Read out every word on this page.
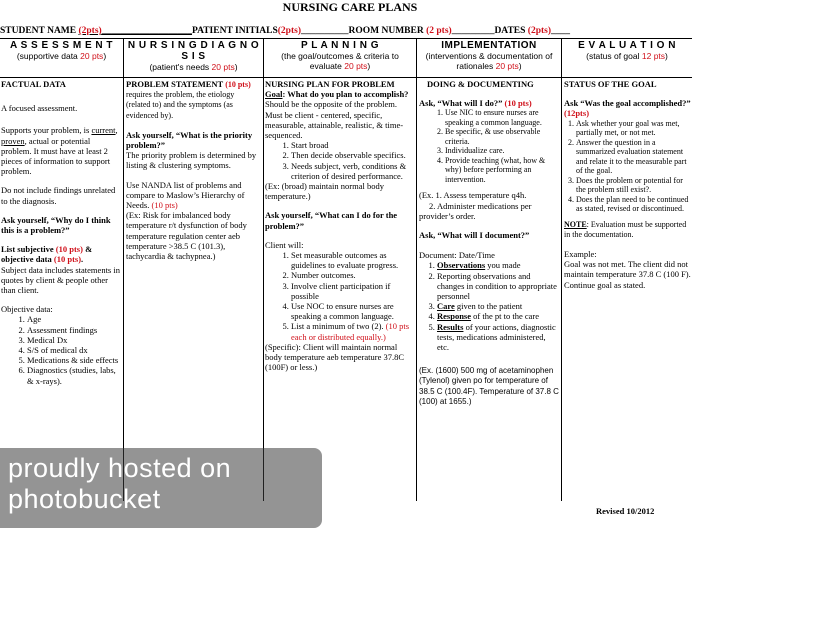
NURSING CARE PLANS
STUDENT NAME (2pts)___________________PATIENT INITIALS(2pts)__________ROOM NUMBER (2 pts)_________DATES (2pts)____
A S S E S S M E N T
(supportive data 20 pts)
N U R S I N G D I A G N O S I S
(patient's needs 20 pts)
P L A N N I N G
(the goal/outcomes & criteria to evaluate 20 pts)
IMPLEMENTATION
(interventions & documentation of rationales 20 pts)
E V A L U A T I O N
(status of goal 12 pts)

FACTUAL DATA

A focused assessment.

Supports your problem, is current, proven, actual or potential problem. It must have at least 2 pieces of information to support problem.

Do not include findings unrelated to the diagnosis.

Ask yourself, “Why do I think this is a problem?”

List subjective (10 pts) & objective data (10 pts).

Subject data includes statements in quotes by client & people other than client.

Objective data:

1. Age
2. Assessment findings
3. Medical Dx
4. S/S of medical dx
5. Medications & side effects
6. Diagnostics (studies, labs, & x-rays).

PROBLEM STATEMENT (10 pts) requires the problem, the etiology (related to) and the symptoms (as evidenced by).

Ask yourself, “What is the priority problem?”

The priority problem is determined by listing & clustering symptoms.

Use NANDA list of problems and compare to Maslow’s Hierarchy of Needs. (10 pts)

(Ex: Risk for imbalanced body temperature r/t dysfunction of body temperature regulation center aeb temperature >38.5 C (101.3), tachycardia & tachypnea.)

NURSING PLAN FOR PROBLEM

Goal: What do you plan to accomplish? Should be the opposite of the problem. Must be client - centered, specific, measurable, attainable, realistic, & time-sequenced.

1. Start broad
2. Then decide observable specifics.
3. Needs subject, verb, conditions & criterion of desired performance.

(Ex: (broad) maintain normal body temperature.)

Ask yourself, “What can I do for the problem?”

Client will:

1. Set measurable outcomes as guidelines to evaluate progress.
2. Number outcomes.
3. Involve client participation if possible
4. Use NOC to ensure nurses are speaking a common language.
5. List a minimum of two (2). (10 pts each or distributed equally.)

(Specific): Client will maintain normal body temperature aeb temperature 37.8C (100F) or less.)

DOING & DOCUMENTING

Ask, “What will I do?” (10 pts)

1. Use NIC to ensure nurses are speaking a common language.
2. Be specific, & use observable criteria.
3. Individualize care.
4. Provide teaching (what, how & why) before performing an intervention.

(Ex. 1. Assess temperature q4h.

2. Administer medications per provider’s order.

Ask, “What will I document?”

Document: Date/Time

1. Observations you made
2. Reporting observations and changes in condition to appropriate personnel
3. Care given to the patient
4. Response of the pt to the care
5. Results of your actions, diagnostic tests, medications administered, etc.

(Ex. (1600) 500 mg of acetaminophen (Tylenol) given po for temperature of 38.5 C (100.4F). Temperature of 37.8 C (100) at 1655.)

STATUS OF THE GOAL

Ask “Was the goal accomplished?” (12pts)

1. Ask whether your goal was met, partially met, or not met.
2. Answer the question in a summarized evaluation statement and relate it to the measurable part of the goal.
3. Does the problem or potential for the problem still exist?.
4. Does the plan need to be continued as stated, revised or discontinued.

NOTE: Evaluation must be supported in the documentation.

Example:

Goal was not met. The client did not maintain temperature 37.8 C (100 F). Continue goal as stated.

Revised 10/2012
proudly hosted on
photobucket
